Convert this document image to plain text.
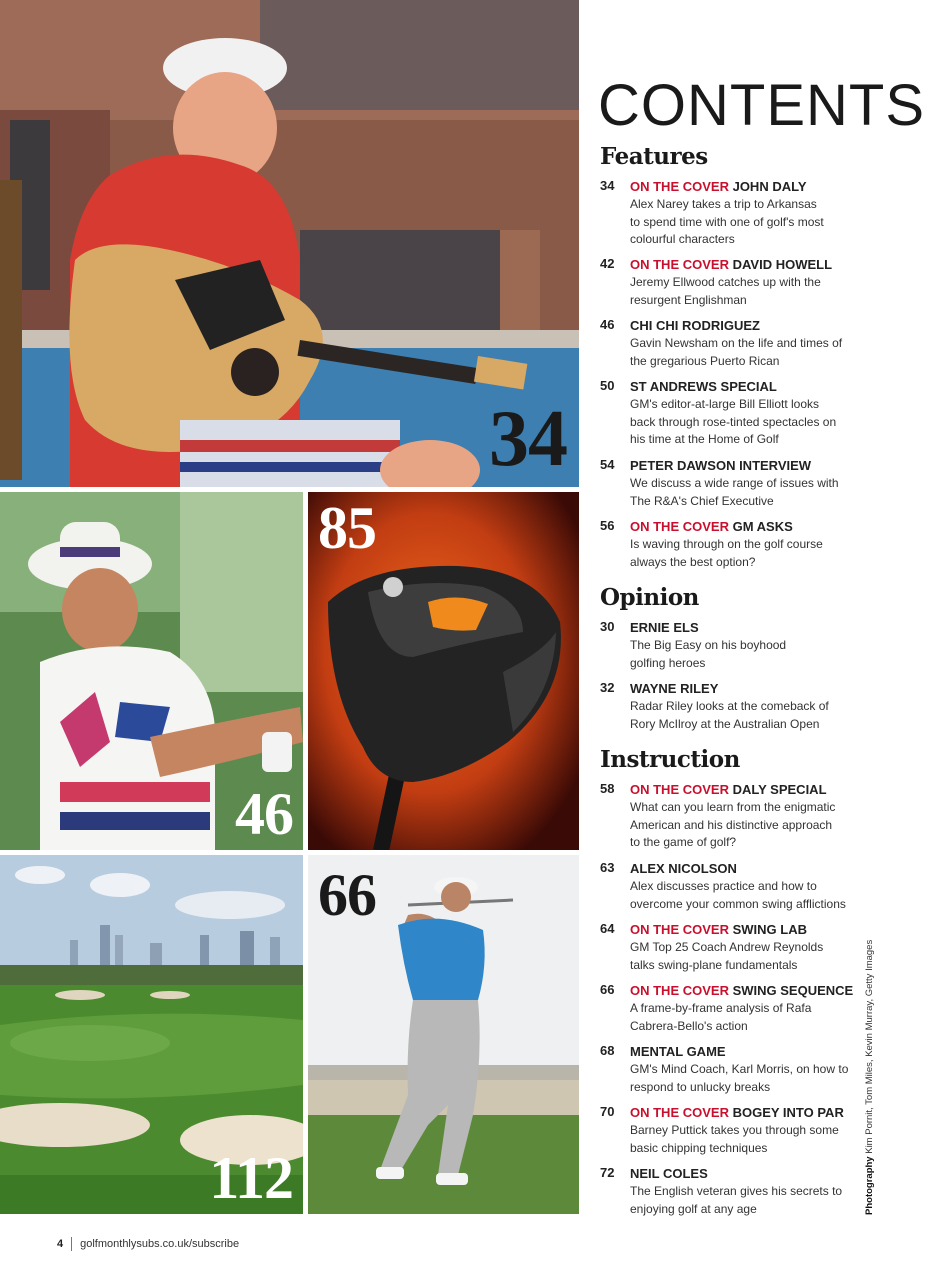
34
46
85
112
66
CONTENTS
Features
34 ON THE COVER JOHN DALY
Alex Narey takes a trip to Arkansas
to spend time with one of golf's most
colourful characters
42 ON THE COVER DAVID HOWELL
Jeremy Ellwood catches up with the
resurgent Englishman
46 CHI CHI RODRIGUEZ
Gavin Newsham on the life and times of
the gregarious Puerto Rican
50 ST ANDREWS SPECIAL
GM's editor-at-large Bill Elliott looks
back through rose-tinted spectacles on
his time at the Home of Golf
54 PETER DAWSON INTERVIEW
We discuss a wide range of issues with
The R&A's Chief Executive
56 ON THE COVER GM ASKS
Is waving through on the golf course
always the best option?
Opinion
30 ERNIE ELS
The Big Easy on his boyhood
golfing heroes
32 WAYNE RILEY
Radar Riley looks at the comeback of
Rory McIlroy at the Australian Open
Instruction
58 ON THE COVER DALY SPECIAL
What can you learn from the enigmatic
American and his distinctive approach
to the game of golf?
63 ALEX NICOLSON
Alex discusses practice and how to
overcome your common swing afflictions
64 ON THE COVER SWING LAB
GM Top 25 Coach Andrew Reynolds
talks swing-plane fundamentals
66 ON THE COVER SWING SEQUENCE
A frame-by-frame analysis of Rafa
Cabrera-Bello's action
68 MENTAL GAME
GM's Mind Coach, Karl Morris, on how to
respond to unlucky breaks
70 ON THE COVER BOGEY INTO PAR
Barney Puttick takes you through some
basic chipping techniques
72 NEIL COLES
The English veteran gives his secrets to
enjoying golf at any age
4 golfmonthlysubs.co.uk/subscribe
Photography Kim Pornit, Tom Miles, Kevin Murray, Getty Images
